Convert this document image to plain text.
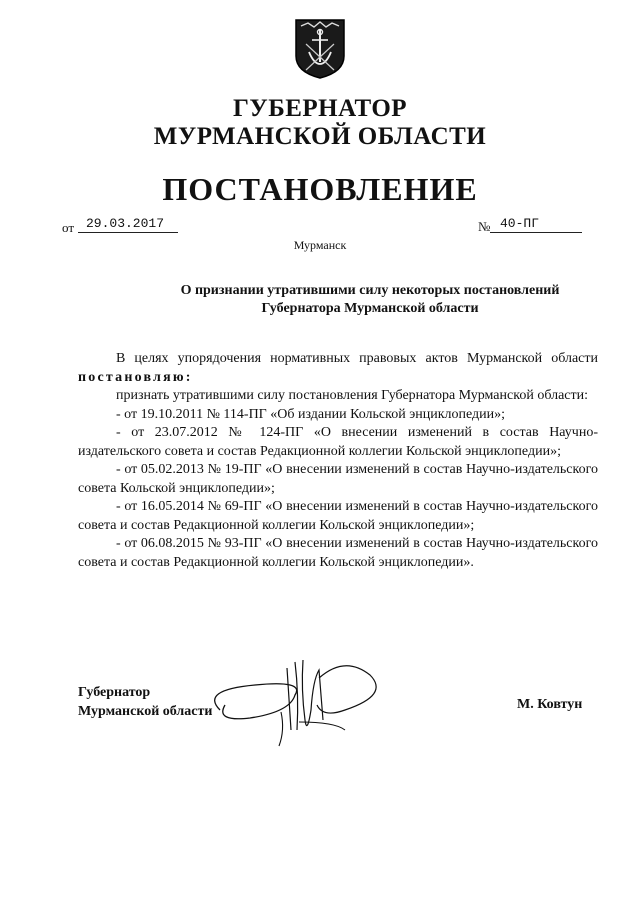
ГУБЕРНАТОР
МУРМАНСКОЙ ОБЛАСТИ
ПОСТАНОВЛЕНИЕ
от 29.03.2017	№ 40-ПГ
Мурманск
О признании утратившими силу некоторых постановлений
Губернатора Мурманской области

В целях упорядочения нормативных правовых актов Мурманской области постановляю:

признать утратившими силу постановления Губернатора Мурманской области:

- от 19.10.2011 № 114-ПГ «Об издании Кольской энциклопедии»;

- от 23.07.2012 № 124-ПГ «О внесении изменений в состав Научно-издательского совета и состав Редакционной коллегии Кольской энциклопедии»;

- от 05.02.2013 № 19-ПГ «О внесении изменений в состав Научно-издательского совета Кольской энциклопедии»;

- от 16.05.2014 № 69-ПГ «О внесении изменений в состав Научно-издательского совета и состав Редакционной коллегии Кольской энциклопедии»;

- от 06.08.2015 № 93-ПГ «О внесении изменений в состав Научно-издательского совета и состав Редакционной коллегии Кольской энциклопедии».

Губернатор
Мурманской области	М. Ковтун
